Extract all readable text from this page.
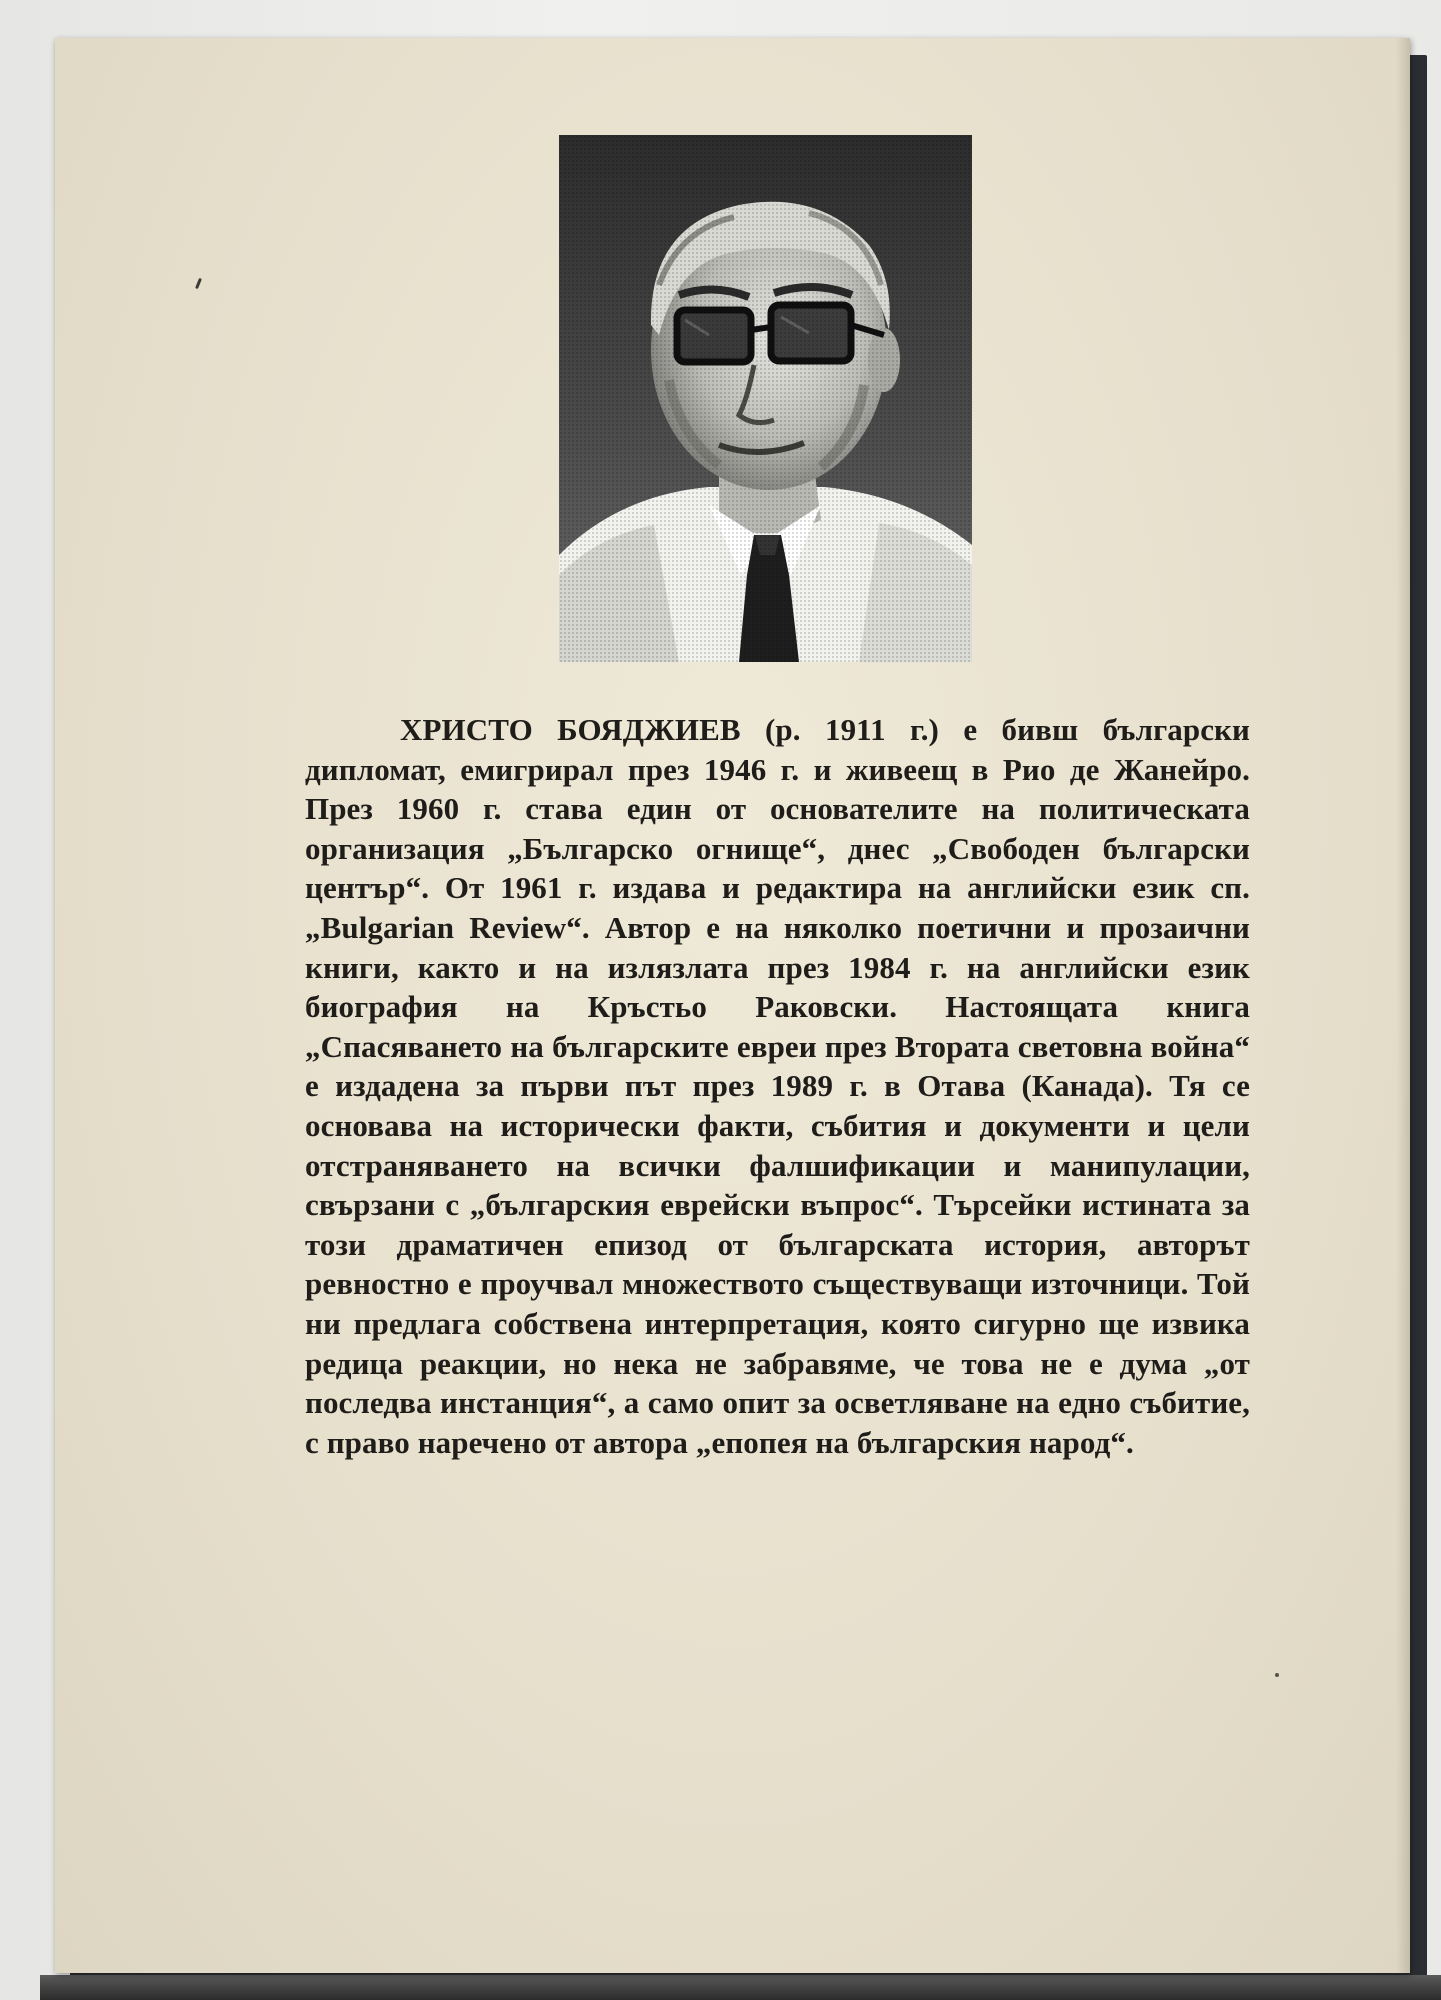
ХРИСТО БОЯДЖИЕВ (р. 1911 г.) е бивш български дипломат, емигрирал през 1946 г. и живеещ в Рио де Жанейро. През 1960 г. става един от основателите на политическата организация „Българско огнище“, днес „Свободен български център“. От 1961 г. издава и редактира на английски език сп. „Bulgarian Review“. Автор е на няколко поетични и прозаични книги, както и на излязлата през 1984 г. на английски език биография на Кръстьо Раковски. Настоящата книга „Спасяването на българските евреи през Втората световна война“ е издадена за първи път през 1989 г. в Отава (Канада). Тя се основава на исторически факти, събития и документи и цели отстраняването на всички фалшификации и манипулации, свързани с „българския еврейски въпрос“. Търсейки истината за този драматичен епизод от българската история, авторът ревностно е проучвал множеството съществуващи източници. Той ни предлага собствена интерпретация, която сигурно ще извика редица реакции, но нека не забравяме, че това не е дума „от последва инстанция“, а само опит за осветляване на едно събитие, с право наречено от автора „епопея на българския народ“.
